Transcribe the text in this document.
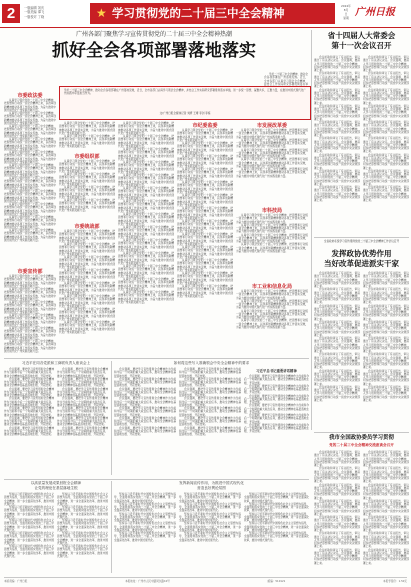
2	一版编辑 刘庆
一版美编 谭飞
一版校对 丁晓	★ 学习贯彻党的二十届三中全会精神	2024年
8月
日
星期 广州日报
广州各部门聚焦学习宣传贯彻党的二十届三中全会精神热潮
抓好全会各项部署落地落实

学好二十届三中全会精神，推动全会各项部署在广州落地见效。近日，全市各部门认真学习领会全会精神，并结合工作实际研究部署贯彻落实举

学好二十届三中全会精神，推动全会各项部署在广州落地见效，近日，全市各部门认真学习领会全会精神，并结合工作实际研究部署贯彻落实举措，进一步统一思想、凝聚共识、汇聚力量，在推进中国式现代化广州实践中彰显担当作为。
文/广州日报全媒体记者 刘妍 王靖 李剑 李栋
市委政法委

认真学习领会党的二十届三中全会精神，把思想和行动统一到全会精神上来，以改革创新精神推动各项工作落实见效，为奋力推进中国式现代化广州实践贡献力量。

认真学习领会党的二十届三中全会精神，把思想和行动统一到全会精神上来，以改革创新精神推动各项工作落实见效，为奋力推进中国式现代化广州实践贡献力量。

认真学习领会党的二十届三中全会精神，把思想和行动统一到全会精神上来，以改革创新精神推动各项工作落实见效，为奋力推进中国式现代化广州实践贡献力量。

认真学习领会党的二十届三中全会精神，把思想和行动统一到全会精神上来，以改革创新精神推动各项工作落实见效，为奋力推进中国式现代化广州实践贡献力量。

认真学习领会党的二十届三中全会精神，把思想和行动统一到全会精神上来，以改革创新精神推动各项工作落实见效，为奋力推进中国式现代化广州实践贡献力量。

认真学习领会党的二十届三中全会精神，把思想和行动统一到全会精神上来，以改革创新精神推动各项工作落实见效，为奋力推进中国式现代化广州实践贡献力量。

认真学习领会党的二十届三中全会精神，把思想和行动统一到全会精神上来，以改革创新精神推动各项工作落实见效，为奋力推进中国式现代化广州实践贡献力量。

认真学习领会党的二十届三中全会精神，把思想和行动统一到全会精神上来，以改革创新精神推动各项工作落实见效，为奋力推进中国式现代化广州实践贡献力量。

认真学习领会党的二十届三中全会精神，把思想和行动统一到全会精神上来，以改革创新精神推动各项工作落实见效，为奋力推进中国式现代化广州实践贡献力量。

认真学习领会党的二十届三中全会精神，把思想和行动统一到全会精神上来，以改革创新精神推动各项工作落实见效，为奋力推进中国式现代化广州实践贡献力量。

认真学习领会党的二十届三中全会精神，把思想和行动统一到全会精神上来，以改革创新精神推动各项工作落实见效，为奋力推进中国式现代化广州实践贡献力量。

市委宣传部

认真学习领会党的二十届三中全会精神，把思想和行动统一到全会精神上来，以改革创新精神推动各项工作落实见效，为奋力推进中国式现代化广州实践贡献力量。

认真学习领会党的二十届三中全会精神，把思想和行动统一到全会精神上来，以改革创新精神推动各项工作落实见效，为奋力推进中国式现代化广州实践贡献力量。

认真学习领会党的二十届三中全会精神，把思想和行动统一到全会精神上来，以改革创新精神推动各项工作落实见效，为奋力推进中国式现代化广州实践贡献力量。

认真学习领会党的二十届三中全会精神，把思想和行动统一到全会精神上来，以改革创新精神推动各项工作落实见效，为奋力推进中国式现代化广州实践贡献力量。

认真学习领会党的二十届三中全会精神，把思想和行动统一到全会精神上来，以改革创新精神推动各项工作落实见效，为奋力推进中国式现代化广州实践贡献力量。

认真学习领会党的二十届三中全会精神，把思想和行动统一到全会精神上来，以改革创新精神推动各项工作落实见效，为奋力推进中国式现代化广州实践贡献力量。

认真学习领会党的二十届三中全会精神，把思想和行动统一到全会精神上来，以改革创新精神推动各项工作落实见效，为奋力推进中国式现代化广州实践贡献力量。

认真学习领会党的二十届三中全会精神，把思想和行动统一到全会精神上来，以改革创新精神推动各项工作落实见效，为奋力推进中国式现代化广州实践贡献力量。

市委组织部

认真学习领会党的二十届三中全会精神，把思想和行动统一到全会精神上来，以改革创新精神推动各项工作落实见效，为奋力推进中国式现代化广州实践贡献力量。

认真学习领会党的二十届三中全会精神，把思想和行动统一到全会精神上来，以改革创新精神推动各项工作落实见效，为奋力推进中国式现代化广州实践贡献力量。

认真学习领会党的二十届三中全会精神，把思想和行动统一到全会精神上来，以改革创新精神推动各项工作落实见效，为奋力推进中国式现代化广州实践贡献力量。

认真学习领会党的二十届三中全会精神，把思想和行动统一到全会精神上来，以改革创新精神推动各项工作落实见效，为奋力推进中国式现代化广州实践贡献力量。

市委统战部

认真学习领会党的二十届三中全会精神，把思想和行动统一到全会精神上来，以改革创新精神推动各项工作落实见效，为奋力推进中国式现代化广州实践贡献力量。

认真学习领会党的二十届三中全会精神，把思想和行动统一到全会精神上来，以改革创新精神推动各项工作落实见效，为奋力推进中国式现代化广州实践贡献力量。

认真学习领会党的二十届三中全会精神，把思想和行动统一到全会精神上来，以改革创新精神推动各项工作落实见效，为奋力推进中国式现代化广州实践贡献力量。

认真学习领会党的二十届三中全会精神，把思想和行动统一到全会精神上来，以改革创新精神推动各项工作落实见效，为奋力推进中国式现代化广州实践贡献力量。

认真学习领会党的二十届三中全会精神，把思想和行动统一到全会精神上来，以改革创新精神推动各项工作落实见效，为奋力推进中国式现代化广州实践贡献力量。

认真学习领会党的二十届三中全会精神，把思想和行动统一到全会精神上来，以改革创新精神推动各项工作落实见效，为奋力推进中国式现代化广州实践贡献力量。

认真学习领会党的二十届三中全会精神，把思想和行动统一到全会精神上来，以改革创新精神推动各项工作落实见效，为奋力推进中国式现代化广州实践贡献力量。

认真学习领会党的二十届三中全会精神，把思想和行动统一到全会精神上来，以改革创新精神推动各项工作落实见效，为奋力推进中国式现代化广州实践贡献力量。

认真学习领会党的二十届三中全会精神，把思想和行动统一到全会精神上来，以改革创新精神推动各项工作落实见效，为奋力推进中国式现代化广州实践贡献力量。

认真学习领会党的二十届三中全会精神，把思想和行动统一到全会精神上来，以改革创新精神推动各项工作落实见效，为奋力推进中国式现代化广州实践贡献力量。

认真学习领会党的二十届三中全会精神，把思想和行动统一到全会精神上来，以改革创新精神推动各项工作落实见效，为奋力推进中国式现代化广州实践贡献力量。

认真学习领会党的二十届三中全会精神，把思想和行动统一到全会精神上来，以改革创新精神推动各项工作落实见效，为奋力推进中国式现代化广州实践贡献力量。

认真学习领会党的二十届三中全会精神，把思想和行动统一到全会精神上来，以改革创新精神推动各项工作落实见效，为奋力推进中国式现代化广州实践贡献力量。

认真学习领会党的二十届三中全会精神，把思想和行动统一到全会精神上来，以改革创新精神推动各项工作落实见效，为奋力推进中国式现代化广州实践贡献力量。

认真学习领会党的二十届三中全会精神，把思想和行动统一到全会精神上来，以改革创新精神推动各项工作落实见效，为奋力推进中国式现代化广州实践贡献力量。

认真学习领会党的二十届三中全会精神，把思想和行动统一到全会精神上来，以改革创新精神推动各项工作落实见效，为奋力推进中国式现代化广州实践贡献力量。

认真学习领会党的二十届三中全会精神，把思想和行动统一到全会精神上来，以改革创新精神推动各项工作落实见效，为奋力推进中国式现代化广州实践贡献力量。

认真学习领会党的二十届三中全会精神，把思想和行动统一到全会精神上来，以改革创新精神推动各项工作落实见效，为奋力推进中国式现代化广州实践贡献力量。

认真学习领会党的二十届三中全会精神，把思想和行动统一到全会精神上来，以改革创新精神推动各项工作落实见效，为奋力推进中国式现代化广州实践贡献力量。

认真学习领会党的二十届三中全会精神，把思想和行动统一到全会精神上来，以改革创新精神推动各项工作落实见效，为奋力推进中国式现代化广州实践贡献力量。

认真学习领会党的二十届三中全会精神，把思想和行动统一到全会精神上来，以改革创新精神推动各项工作落实见效，为奋力推进中国式现代化广州实践贡献力量。

认真学习领会党的二十届三中全会精神，把思想和行动统一到全会精神上来，以改革创新精神推动各项工作落实见效，为奋力推进中国式现代化广州实践贡献力量。

市纪委监委

认真学习领会党的二十届三中全会精神，把思想和行动统一到全会精神上来，以改革创新精神推动各项工作落实见效，为奋力推进中国式现代化广州实践贡献力量。

认真学习领会党的二十届三中全会精神，把思想和行动统一到全会精神上来，以改革创新精神推动各项工作落实见效，为奋力推进中国式现代化广州实践贡献力量。

认真学习领会党的二十届三中全会精神，把思想和行动统一到全会精神上来，以改革创新精神推动各项工作落实见效，为奋力推进中国式现代化广州实践贡献力量。

认真学习领会党的二十届三中全会精神，把思想和行动统一到全会精神上来，以改革创新精神推动各项工作落实见效，为奋力推进中国式现代化广州实践贡献力量。

认真学习领会党的二十届三中全会精神，把思想和行动统一到全会精神上来，以改革创新精神推动各项工作落实见效，为奋力推进中国式现代化广州实践贡献力量。

认真学习领会党的二十届三中全会精神，把思想和行动统一到全会精神上来，以改革创新精神推动各项工作落实见效，为奋力推进中国式现代化广州实践贡献力量。

认真学习领会党的二十届三中全会精神，把思想和行动统一到全会精神上来，以改革创新精神推动各项工作落实见效，为奋力推进中国式现代化广州实践贡献力量。

认真学习领会党的二十届三中全会精神，把思想和行动统一到全会精神上来，以改革创新精神推动各项工作落实见效，为奋力推进中国式现代化广州实践贡献力量。

认真学习领会党的二十届三中全会精神，把思想和行动统一到全会精神上来，以改革创新精神推动各项工作落实见效，为奋力推进中国式现代化广州实践贡献力量。

认真学习领会党的二十届三中全会精神，把思想和行动统一到全会精神上来，以改革创新精神推动各项工作落实见效，为奋力推进中国式现代化广州实践贡献力量。

认真学习领会党的二十届三中全会精神，把思想和行动统一到全会精神上来，以改革创新精神推动各项工作落实见效，为奋力推进中国式现代化广州实践贡献力量。

认真学习领会党的二十届三中全会精神，把思想和行动统一到全会精神上来，以改革创新精神推动各项工作落实见效，为奋力推进中国式现代化广州实践贡献力量。

认真学习领会党的二十届三中全会精神，把思想和行动统一到全会精神上来，以改革创新精神推动各项工作落实见效，为奋力推进中国式现代化广州实践贡献力量。

市发展改革委

认真学习领会党的二十届三中全会精神，把思想和行动统一到全会精神上来，以改革创新精神推动各项工作落实见效，为奋力推进中国式现代化广州实践贡献力量。

认真学习领会党的二十届三中全会精神，把思想和行动统一到全会精神上来，以改革创新精神推动各项工作落实见效，为奋力推进中国式现代化广州实践贡献力量。

认真学习领会党的二十届三中全会精神，把思想和行动统一到全会精神上来，以改革创新精神推动各项工作落实见效，为奋力推进中国式现代化广州实践贡献力量。

认真学习领会党的二十届三中全会精神，把思想和行动统一到全会精神上来，以改革创新精神推动各项工作落实见效，为奋力推进中国式现代化广州实践贡献力量。

认真学习领会党的二十届三中全会精神，把思想和行动统一到全会精神上来，以改革创新精神推动各项工作落实见效，为奋力推进中国式现代化广州实践贡献力量。

市科技局

认真学习领会党的二十届三中全会精神，把思想和行动统一到全会精神上来，以改革创新精神推动各项工作落实见效，为奋力推进中国式现代化广州实践贡献力量。

认真学习领会党的二十届三中全会精神，把思想和行动统一到全会精神上来，以改革创新精神推动各项工作落实见效，为奋力推进中国式现代化广州实践贡献力量。

认真学习领会党的二十届三中全会精神，把思想和行动统一到全会精神上来，以改革创新精神推动各项工作落实见效，为奋力推进中国式现代化广州实践贡献力量。

认真学习领会党的二十届三中全会精神，把思想和行动统一到全会精神上来，以改革创新精神推动各项工作落实见效，为奋力推进中国式现代化广州实践贡献力量。

市工业和信息化局

认真学习领会党的二十届三中全会精神，把思想和行动统一到全会精神上来，以改革创新精神推动各项工作落实见效，为奋力推进中国式现代化广州实践贡献力量。

认真学习领会党的二十届三中全会精神，把思想和行动统一到全会精神上来，以改革创新精神推动各项工作落实见效，为奋力推进中国式现代化广州实践贡献力量。

认真学习领会党的二十届三中全会精神，把思想和行动统一到全会精神上来，以改革创新精神推动各项工作落实见效，为奋力推进中国式现代化广州实践贡献力量。

认真学习领会党的二十届三中全会精神，把思想和行动统一到全会精神上来，以改革创新精神推动各项工作落实见效，为奋力推进中国式现代化广州实践贡献力量。

省十四届人大常委会
第十一次会议召开

会议听取和审议了有关报告，审议通过了有关决议决定。会议强调，要深入学习贯彻党的二十届三中全会精神，切实把思想和行动统一到党中央决策部署上来。

会议听取和审议了有关报告，审议通过了有关决议决定。会议强调，要深入学习贯彻党的二十届三中全会精神，切实把思想和行动统一到党中央决策部署上来。

会议听取和审议了有关报告，审议通过了有关决议决定。会议强调，要深入学习贯彻党的二十届三中全会精神，切实把思想和行动统一到党中央决策部署上来。

会议听取和审议了有关报告，审议通过了有关决议决定。会议强调，要深入学习贯彻党的二十届三中全会精神，切实把思想和行动统一到党中央决策部署上来。

会议听取和审议了有关报告，审议通过了有关决议决定。会议强调，要深入学习贯彻党的二十届三中全会精神，切实把思想和行动统一到党中央决策部署上来。

会议听取和审议了有关报告，审议通过了有关决议决定。会议强调，要深入学习贯彻党的二十届三中全会精神，切实把思想和行动统一到党中央决策部署上来。

会议听取和审议了有关报告，审议通过了有关决议决定。会议强调，要深入学习贯彻党的二十届三中全会精神，切实把思想和行动统一到党中央决策部署上来。

会议听取和审议了有关报告，审议通过了有关决议决定。会议强调，要深入学习贯彻党的二十届三中全会精神，切实把思想和行动统一到党中央决策部署上来。

会议听取和审议了有关报告，审议通过了有关决议决定。会议强调，要深入学习贯彻党的二十届三中全会精神，切实把思想和行动统一到党中央决策部署上来。

会议听取和审议了有关报告，审议通过了有关决议决定。会议强调，要深入学习贯彻党的二十届三中全会精神，切实把思想和行动统一到党中央决策部署上来。

会议听取和审议了有关报告，审议通过了有关决议决定。会议强调，要深入学习贯彻党的二十届三中全会精神，切实把思想和行动统一到党中央决策部署上来。

会议听取和审议了有关报告，审议通过了有关决议决定。会议强调，要深入学习贯彻党的二十届三中全会精神，切实把思想和行动统一到党中央决策部署上来。

会议听取和审议了有关报告，审议通过了有关决议决定。会议强调，要深入学习贯彻党的二十届三中全会精神，切实把思想和行动统一到党中央决策部署上来。

会议听取和审议了有关报告，审议通过了有关决议决定。会议强调，要深入学习贯彻党的二十届三中全会精神，切实把思想和行动统一到党中央决策部署上来。

会议听取和审议了有关报告，审议通过了有关决议决定。会议强调，要深入学习贯彻党的二十届三中全会精神，切实把思想和行动统一到党中央决策部署上来。

会议听取和审议了有关报告，审议通过了有关决议决定。会议强调，要深入学习贯彻党的二十届三中全会精神，切实把思想和行动统一到党中央决策部署上来。

会议听取和审议了有关报告，审议通过了有关决议决定。会议强调，要深入学习贯彻党的二十届三中全会精神，切实把思想和行动统一到党中央决策部署上来。

会议听取和审议了有关报告，审议通过了有关决议决定。会议强调，要深入学习贯彻党的二十届三中全会精神，切实把思想和行动统一到党中央决策部署上来。

全省政协系统学习宣传贯彻党的二十届三中全会精神工作会议召开
发挥政协优势作用
当好改革促进派实干家

会议听取和审议了有关报告，审议通过了有关决议决定。会议强调，要深入学习贯彻党的二十届三中全会精神，切实把思想和行动统一到党中央决策部署上来。

会议听取和审议了有关报告，审议通过了有关决议决定。会议强调，要深入学习贯彻党的二十届三中全会精神，切实把思想和行动统一到党中央决策部署上来。

会议听取和审议了有关报告，审议通过了有关决议决定。会议强调，要深入学习贯彻党的二十届三中全会精神，切实把思想和行动统一到党中央决策部署上来。

会议听取和审议了有关报告，审议通过了有关决议决定。会议强调，要深入学习贯彻党的二十届三中全会精神，切实把思想和行动统一到党中央决策部署上来。

会议听取和审议了有关报告，审议通过了有关决议决定。会议强调，要深入学习贯彻党的二十届三中全会精神，切实把思想和行动统一到党中央决策部署上来。

会议听取和审议了有关报告，审议通过了有关决议决定。会议强调，要深入学习贯彻党的二十届三中全会精神，切实把思想和行动统一到党中央决策部署上来。

会议听取和审议了有关报告，审议通过了有关决议决定。会议强调，要深入学习贯彻党的二十届三中全会精神，切实把思想和行动统一到党中央决策部署上来。

会议听取和审议了有关报告，审议通过了有关决议决定。会议强调，要深入学习贯彻党的二十届三中全会精神，切实把思想和行动统一到党中央决策部署上来。

会议听取和审议了有关报告，审议通过了有关决议决定。会议强调，要深入学习贯彻党的二十届三中全会精神，切实把思想和行动统一到党中央决策部署上来。

会议听取和审议了有关报告，审议通过了有关决议决定。会议强调，要深入学习贯彻党的二十届三中全会精神，切实把思想和行动统一到党中央决策部署上来。

会议听取和审议了有关报告，审议通过了有关决议决定。会议强调，要深入学习贯彻党的二十届三中全会精神，切实把思想和行动统一到党中央决策部署上来。

会议听取和审议了有关报告，审议通过了有关决议决定。会议强调，要深入学习贯彻党的二十届三中全会精神，切实把思想和行动统一到党中央决策部署上来。

会议听取和审议了有关报告，审议通过了有关决议决定。会议强调，要深入学习贯彻党的二十届三中全会精神，切实把思想和行动统一到党中央决策部署上来。

会议听取和审议了有关报告，审议通过了有关决议决定。会议强调，要深入学习贯彻党的二十届三中全会精神，切实把思想和行动统一到党中央决策部署上来。

会议听取和审议了有关报告，审议通过了有关决议决定。会议强调，要深入学习贯彻党的二十届三中全会精神，切实把思想和行动统一到党中央决策部署上来。

会议听取和审议了有关报告，审议通过了有关决议决定。会议强调，要深入学习贯彻党的二十届三中全会精神，切实把思想和行动统一到党中央决策部署上来。

习近平在同各党派和工商联负责人座谈会上

会议强调，要把学习宣传贯彻全会精神作为当前和今后一个时期的重大政治任务，推动全会精神在基层落地生根、开花结果。

会议强调，要把学习宣传贯彻全会精神作为当前和今后一个时期的重大政治任务，推动全会精神在基层落地生根、开花结果。

会议强调，要把学习宣传贯彻全会精神作为当前和今后一个时期的重大政治任务，推动全会精神在基层落地生根、开花结果。

会议强调，要把学习宣传贯彻全会精神作为当前和今后一个时期的重大政治任务，推动全会精神在基层落地生根、开花结果。

会议强调，要把学习宣传贯彻全会精神作为当前和今后一个时期的重大政治任务，推动全会精神在基层落地生根、开花结果。

会议强调，要把学习宣传贯彻全会精神作为当前和今后一个时期的重大政治任务，推动全会精神在基层落地生根、开花结果。

会议强调，要把学习宣传贯彻全会精神作为当前和今后一个时期的重大政治任务，推动全会精神在基层落地生根、开花结果。

会议强调，要把学习宣传贯彻全会精神作为当前和今后一个时期的重大政治任务，推动全会精神在基层落地生根、开花结果。

会议强调，要把学习宣传贯彻全会精神作为当前和今后一个时期的重大政治任务，推动全会精神在基层落地生根、开花结果。

会议强调，要把学习宣传贯彻全会精神作为当前和今后一个时期的重大政治任务，推动全会精神在基层落地生根、开花结果。

会议强调，要把学习宣传贯彻全会精神作为当前和今后一个时期的重大政治任务，推动全会精神在基层落地生根、开花结果。

会议强调，要把学习宣传贯彻全会精神作为当前和今后一个时期的重大政治任务，推动全会精神在基层落地生根、开花结果。

会议强调，要把学习宣传贯彻全会精神作为当前和今后一个时期的重大政治任务，推动全会精神在基层落地生根、开花结果。

会议强调，要把学习宣传贯彻全会精神作为当前和今后一个时期的重大政治任务，推动全会精神在基层落地生根、开花结果。

如何将这些写入准确领会中央全会精神中的要求

会议强调，要把学习宣传贯彻全会精神作为当前和今后一个时期的重大政治任务，推动全会精神在基层落地生根、开花结果。

会议强调，要把学习宣传贯彻全会精神作为当前和今后一个时期的重大政治任务，推动全会精神在基层落地生根、开花结果。

会议强调，要把学习宣传贯彻全会精神作为当前和今后一个时期的重大政治任务，推动全会精神在基层落地生根、开花结果。

会议强调，要把学习宣传贯彻全会精神作为当前和今后一个时期的重大政治任务，推动全会精神在基层落地生根、开花结果。

会议强调，要把学习宣传贯彻全会精神作为当前和今后一个时期的重大政治任务，推动全会精神在基层落地生根、开花结果。

会议强调，要把学习宣传贯彻全会精神作为当前和今后一个时期的重大政治任务，推动全会精神在基层落地生根、开花结果。

会议强调，要把学习宣传贯彻全会精神作为当前和今后一个时期的重大政治任务，推动全会精神在基层落地生根、开花结果。

会议强调，要把学习宣传贯彻全会精神作为当前和今后一个时期的重大政治任务，推动全会精神在基层落地生根、开花结果。

会议强调，要把学习宣传贯彻全会精神作为当前和今后一个时期的重大政治任务，推动全会精神在基层落地生根、开花结果。

会议强调，要把学习宣传贯彻全会精神作为当前和今后一个时期的重大政治任务，推动全会精神在基层落地生根、开花结果。

会议强调，要把学习宣传贯彻全会精神作为当前和今后一个时期的重大政治任务，推动全会精神在基层落地生根、开花结果。

会议强调，要把学习宣传贯彻全会精神作为当前和今后一个时期的重大政治任务，推动全会精神在基层落地生根、开花结果。

会议强调，要把学习宣传贯彻全会精神作为当前和今后一个时期的重大政治任务，推动全会精神在基层落地生根、开花结果。

会议强调，要把学习宣传贯彻全会精神作为当前和今后一个时期的重大政治任务，推动全会精神在基层落地生根、开花结果。

习近平总书记重要讲话精神

会议强调，要把学习宣传贯彻全会精神作为当前和今后一个时期的重大政治任务，推动全会精神在基层落地生根、开花结果。

会议强调，要把学习宣传贯彻全会精神作为当前和今后一个时期的重大政治任务，推动全会精神在基层落地生根、开花结果。

会议强调，要把学习宣传贯彻全会精神作为当前和今后一个时期的重大政治任务，推动全会精神在基层落地生根、开花结果。

会议强调，要把学习宣传贯彻全会精神作为当前和今后一个时期的重大政治任务，推动全会精神在基层落地生根、开花结果。

会议强调，要把学习宣传贯彻全会精神作为当前和今后一个时期的重大政治任务，推动全会精神在基层落地生根、开花结果。

会议强调，要把学习宣传贯彻全会精神作为当前和今后一个时期的重大政治任务，推动全会精神在基层落地生根、开花结果。

我市全国政协委员学习贯彻
党的二十届三中全会精神交流座谈会召开

会议听取和审议了有关报告，审议通过了有关决议决定。会议强调，要深入学习贯彻党的二十届三中全会精神，切实把思想和行动统一到党中央决策部署上来。

会议听取和审议了有关报告，审议通过了有关决议决定。会议强调，要深入学习贯彻党的二十届三中全会精神，切实把思想和行动统一到党中央决策部署上来。

会议听取和审议了有关报告，审议通过了有关决议决定。会议强调，要深入学习贯彻党的二十届三中全会精神，切实把思想和行动统一到党中央决策部署上来。

会议听取和审议了有关报告，审议通过了有关决议决定。会议强调，要深入学习贯彻党的二十届三中全会精神，切实把思想和行动统一到党中央决策部署上来。

会议听取和审议了有关报告，审议通过了有关决议决定。会议强调，要深入学习贯彻党的二十届三中全会精神，切实把思想和行动统一到党中央决策部署上来。

会议听取和审议了有关报告，审议通过了有关决议决定。会议强调，要深入学习贯彻党的二十届三中全会精神，切实把思想和行动统一到党中央决策部署上来。

会议听取和审议了有关报告，审议通过了有关决议决定。会议强调，要深入学习贯彻党的二十届三中全会精神，切实把思想和行动统一到党中央决策部署上来。

会议听取和审议了有关报告，审议通过了有关决议决定。会议强调，要深入学习贯彻党的二十届三中全会精神，切实把思想和行动统一到党中央决策部署上来。

会议听取和审议了有关报告，审议通过了有关决议决定。会议强调，要深入学习贯彻党的二十届三中全会精神，切实把思想和行动统一到党中央决策部署上来。

会议听取和审议了有关报告，审议通过了有关决议决定。会议强调，要深入学习贯彻党的二十届三中全会精神，切实把思想和行动统一到党中央决策部署上来。

会议听取和审议了有关报告，审议通过了有关决议决定。会议强调，要深入学习贯彻党的二十届三中全会精神，切实把思想和行动统一到党中央决策部署上来。

会议听取和审议了有关报告，审议通过了有关决议决定。会议强调，要深入学习贯彻党的二十届三中全会精神，切实把思想和行动统一到党中央决策部署上来。

会议听取和审议了有关报告，审议通过了有关决议决定。会议强调，要深入学习贯彻党的二十届三中全会精神，切实把思想和行动统一到党中央决策部署上来。

会议听取和审议了有关报告，审议通过了有关决议决定。会议强调，要深入学习贯彻党的二十届三中全会精神，切实把思想和行动统一到党中央决策部署上来。

以高质量发展成果回报全会精神
让党的理论在基层落地生根

坚持以习近平新时代中国特色社会主义思想为指导，全面贯彻落实党的二十届三中全会精神，进一步全面深化改革，推进中国式现代化。

坚持以习近平新时代中国特色社会主义思想为指导，全面贯彻落实党的二十届三中全会精神，进一步全面深化改革，推进中国式现代化。

坚持以习近平新时代中国特色社会主义思想为指导，全面贯彻落实党的二十届三中全会精神，进一步全面深化改革，推进中国式现代化。

坚持以习近平新时代中国特色社会主义思想为指导，全面贯彻落实党的二十届三中全会精神，进一步全面深化改革，推进中国式现代化。

坚持以习近平新时代中国特色社会主义思想为指导，全面贯彻落实党的二十届三中全会精神，进一步全面深化改革，推进中国式现代化。

坚持以习近平新时代中国特色社会主义思想为指导，全面贯彻落实党的二十届三中全会精神，进一步全面深化改革，推进中国式现代化。

坚持以习近平新时代中国特色社会主义思想为指导，全面贯彻落实党的二十届三中全会精神，进一步全面深化改革，推进中国式现代化。

坚持以习近平新时代中国特色社会主义思想为指导，全面贯彻落实党的二十届三中全会精神，进一步全面深化改革，推进中国式现代化。

坚持以习近平新时代中国特色社会主义思想为指导，全面贯彻落实党的二十届三中全会精神，进一步全面深化改革，推进中国式现代化。

坚持以习近平新时代中国特色社会主义思想为指导，全面贯彻落实党的二十届三中全会精神，进一步全面深化改革，推进中国式现代化。

发挥新闻宣传作用，为推进中国式现代化
营造良好舆论氛围

坚持以习近平新时代中国特色社会主义思想为指导，全面贯彻落实党的二十届三中全会精神，进一步全面深化改革，推进中国式现代化。

坚持以习近平新时代中国特色社会主义思想为指导，全面贯彻落实党的二十届三中全会精神，进一步全面深化改革，推进中国式现代化。

坚持以习近平新时代中国特色社会主义思想为指导，全面贯彻落实党的二十届三中全会精神，进一步全面深化改革，推进中国式现代化。

坚持以习近平新时代中国特色社会主义思想为指导，全面贯彻落实党的二十届三中全会精神，进一步全面深化改革，推进中国式现代化。

坚持以习近平新时代中国特色社会主义思想为指导，全面贯彻落实党的二十届三中全会精神，进一步全面深化改革，推进中国式现代化。

坚持以习近平新时代中国特色社会主义思想为指导，全面贯彻落实党的二十届三中全会精神，进一步全面深化改革，推进中国式现代化。

坚持以习近平新时代中国特色社会主义思想为指导，全面贯彻落实党的二十届三中全会精神，进一步全面深化改革，推进中国式现代化。

坚持以习近平新时代中国特色社会主义思想为指导，全面贯彻落实党的二十届三中全会精神，进一步全面深化改革，推进中国式现代化。

坚持以习近平新时代中国特色社会主义思想为指导，全面贯彻落实党的二十届三中全会精神，进一步全面深化改革，推进中国式现代化。

坚持以习近平新时代中国特色社会主义思想为指导，全面贯彻落实党的二十届三中全会精神，进一步全面深化改革，推进中国式现代化。

坚持以习近平新时代中国特色社会主义思想为指导，全面贯彻落实党的二十届三中全会精神，进一步全面深化改革，推进中国式现代化。

坚持以习近平新时代中国特色社会主义思想为指导，全面贯彻落实党的二十届三中全会精神，进一步全面深化改革，推进中国式现代化。

坚持以习近平新时代中国特色社会主义思想为指导，全面贯彻落实党的二十届三中全会精神，进一步全面深化改革，推进中国式现代化。

坚持以习近平新时代中国特色社会主义思想为指导，全面贯彻落实党的二十届三中全会精神，进一步全面深化改革，推进中国式现代化。

坚持以习近平新时代中国特色社会主义思想为指导，全面贯彻落实党的二十届三中全会精神，进一步全面深化改革，推进中国式现代化。

本版责编：广州日报	本报地址：广州市人民中路同乐路10号	邮编：510121	本报零售价：1.50元
